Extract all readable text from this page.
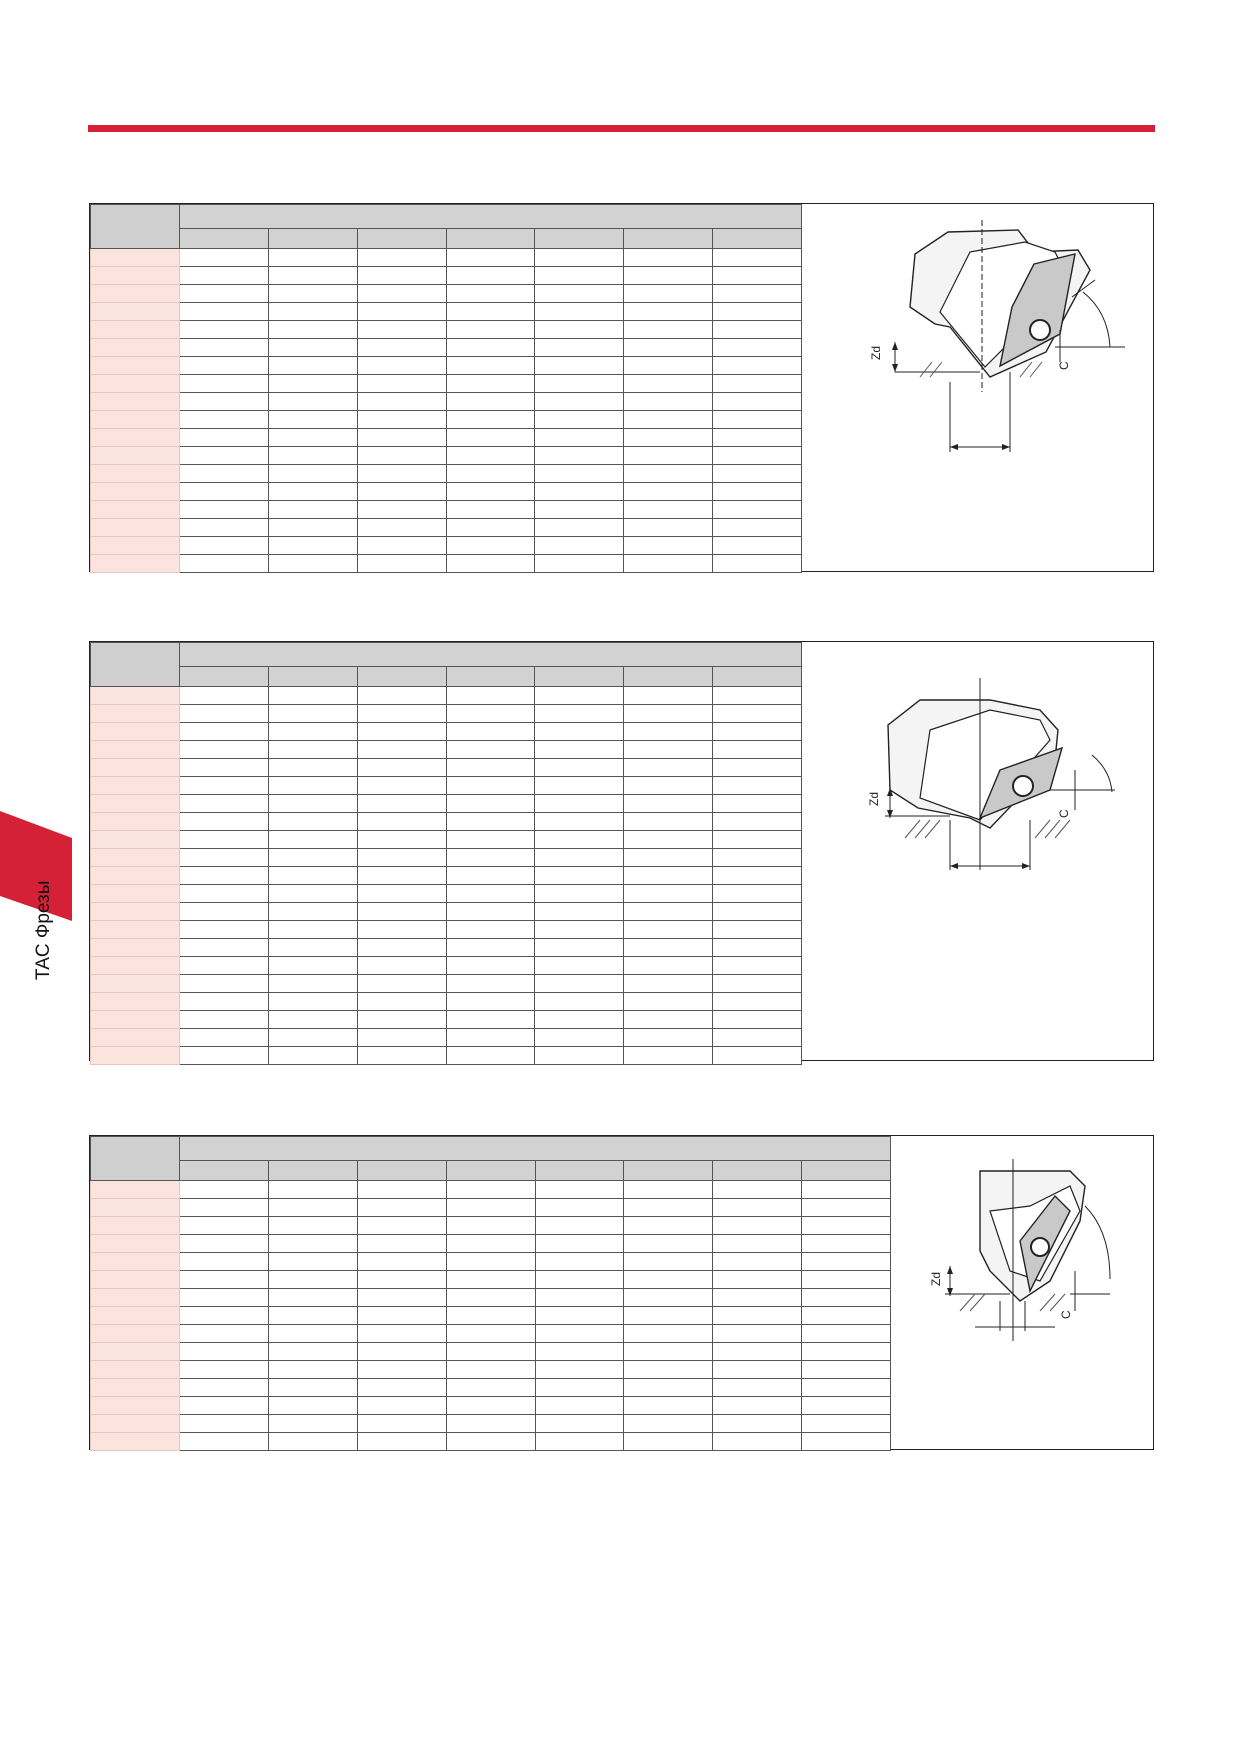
TAC Фрезы

Zd
C

Zd
C

Zd
C
